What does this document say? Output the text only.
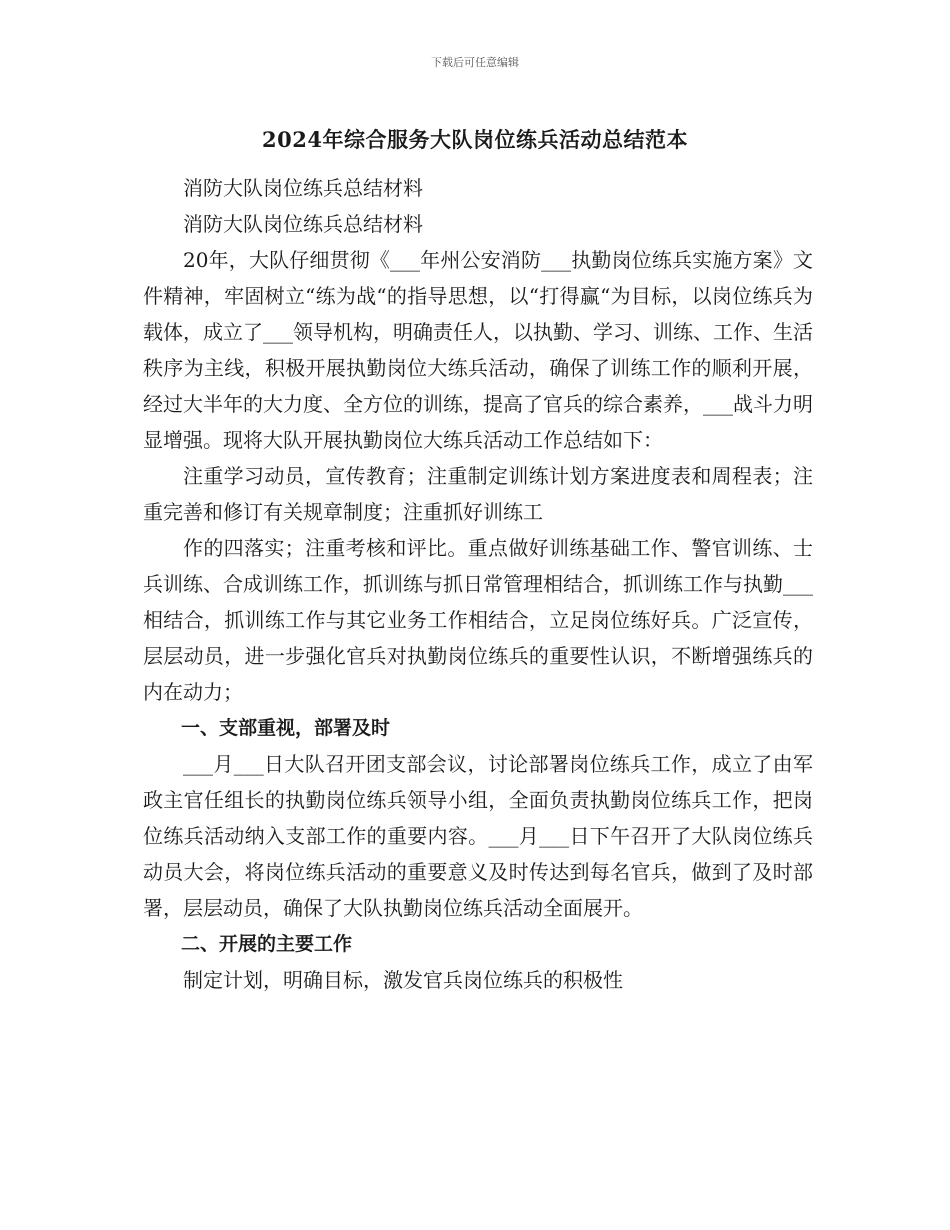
下载后可任意编辑
2024年综合服务大队岗位练兵活动总结范本

消防大队岗位练兵总结材料

消防大队岗位练兵总结材料

20年，大队仔细贯彻《___年州公安消防___执勤岗位练兵实施方案》文件精神，牢固树立“练为战“的指导思想，以“打得赢“为目标，以岗位练兵为载体，成立了___领导机构，明确责任人，以执勤、学习、训练、工作、生活秩序为主线，积极开展执勤岗位大练兵活动，确保了训练工作的顺利开展，经过大半年的大力度、全方位的训练，提高了官兵的综合素养，___战斗力明显增强。现将大队开展执勤岗位大练兵活动工作总结如下：

注重学习动员，宣传教育；注重制定训练计划方案进度表和周程表；注重完善和修订有关规章制度；注重抓好训练工

作的四落实；注重考核和评比。重点做好训练基础工作、警官训练、士兵训练、合成训练工作，抓训练与抓日常管理相结合，抓训练工作与执勤___相结合，抓训练工作与其它业务工作相结合，立足岗位练好兵。广泛宣传，层层动员，进一步强化官兵对执勤岗位练兵的重要性认识，不断增强练兵的内在动力；

一、支部重视，部署及时

___月___日大队召开团支部会议，讨论部署岗位练兵工作，成立了由军政主官任组长的执勤岗位练兵领导小组，全面负责执勤岗位练兵工作，把岗位练兵活动纳入支部工作的重要内容。___月___日下午召开了大队岗位练兵动员大会，将岗位练兵活动的重要意义及时传达到每名官兵，做到了及时部署，层层动员，确保了大队执勤岗位练兵活动全面展开。

二、开展的主要工作

制定计划，明确目标，激发官兵岗位练兵的积极性
